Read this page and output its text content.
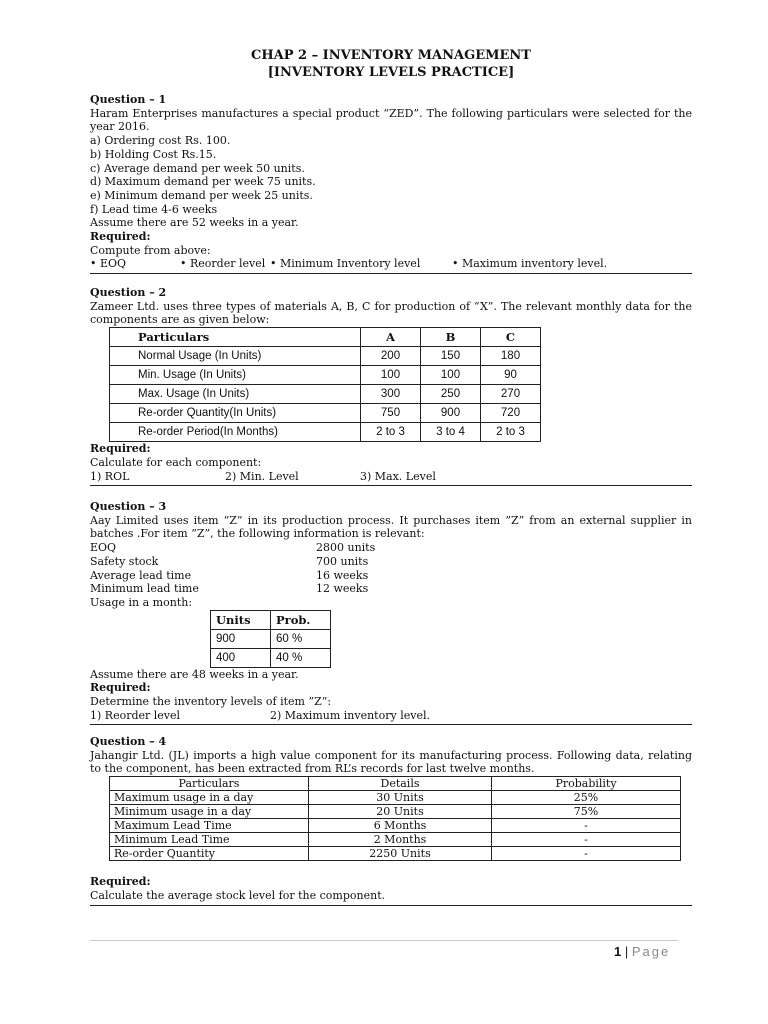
CHAP 2 – INVENTORY MANAGEMENT
[INVENTORY LEVELS PRACTICE]
Question – 1
Haram Enterprises manufactures a special product “ZED”. The following particulars were selected for the year 2016.
a) Ordering cost Rs. 100.
b) Holding Cost Rs.15.
c) Average demand per week 50 units.
d) Maximum demand per week 75 units.
e) Minimum demand per week 25 units.
f) Lead time 4-6 weeks
Assume there are 52 weeks in a year.
Required:
Compute from above:
• EOQ	• Reorder level • Minimum Inventory level	• Maximum inventory level.
Question – 2
Zameer Ltd. uses three types of materials A, B, C for production of “X”. The relevant monthly data for the components are as given below:
Particulars	A	B	C
Normal Usage (In Units)	200	150	180
Min. Usage (In Units)	100	100	90
Max. Usage (In Units)	300	250	270
Re-order Quantity(In Units)	750	900	720
Re-order Period(In Months)	2 to 3	3 to 4	2 to 3
Required:
Calculate for each component:
1) ROL	2) Min. Level	3) Max. Level
Question – 3
Aay Limited uses item “Z” in its production process. It purchases item ”Z” from an external supplier in batches .For item ”Z”, the following information is relevant:
EOQ	2800 units
Safety stock	700 units
Average lead time	16 weeks
Minimum lead time	12 weeks
Usage in a month:
Units	Prob.
900	60 %
400	40 %
Assume there are 48 weeks in a year.
Required:
Determine the inventory levels of item ”Z”:
1) Reorder level	2) Maximum inventory level.
Question – 4
Jahangir Ltd. (JL) imports a high value component for its manufacturing process. Following data, relating to the component, has been extracted from RL’s records for last twelve months.
Particulars	Details	Probability
Maximum usage in a day	30 Units	25%
Minimum usage in a day	20 Units	75%
Maximum Lead Time	6 Months	-
Minimum Lead Time	2 Months	-
Re-order Quantity	2250 Units	-
Required:
Calculate the average stock level for the component.
1 | Page
